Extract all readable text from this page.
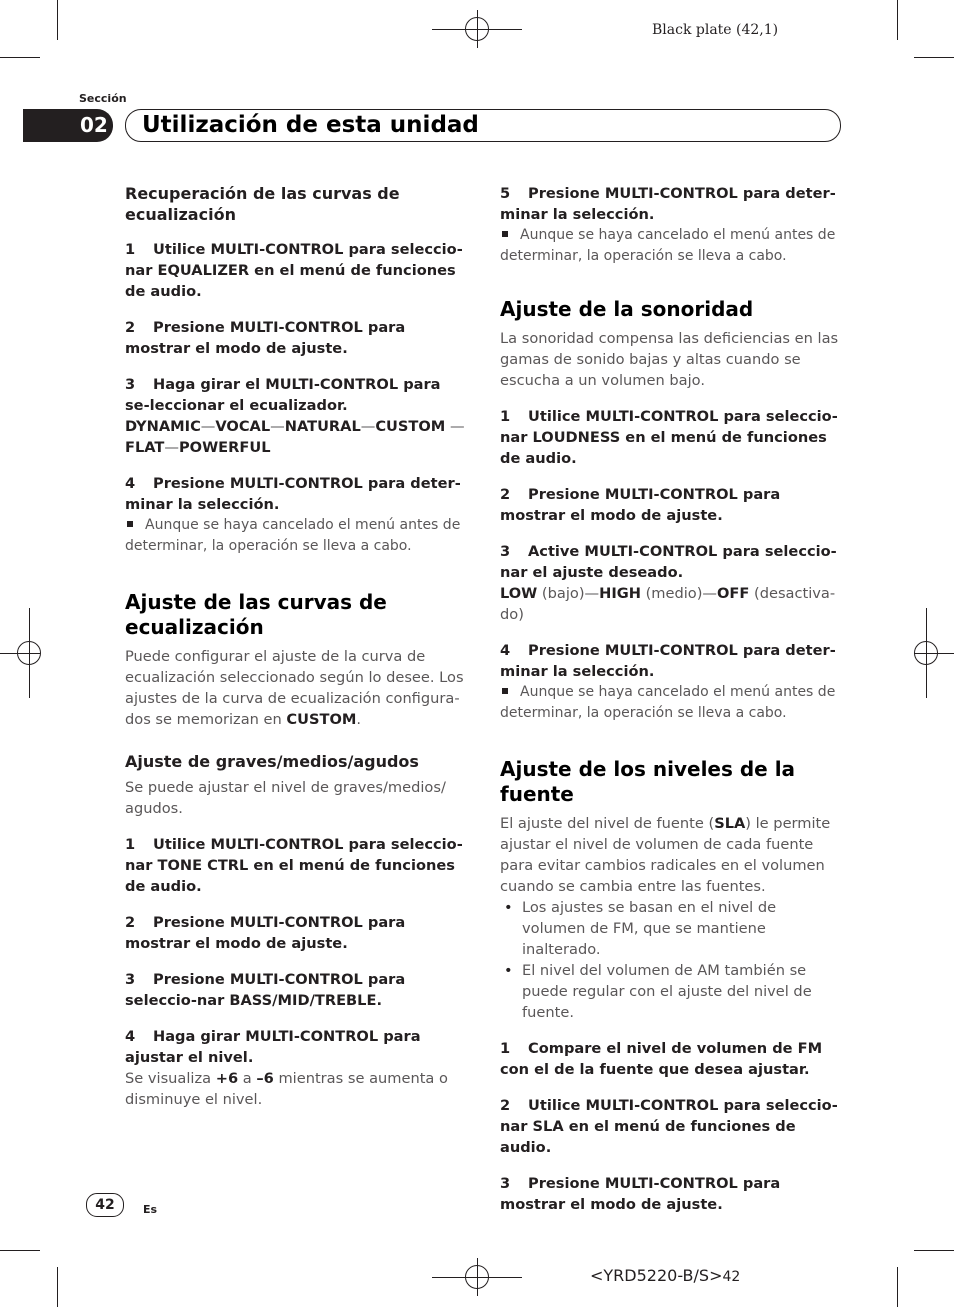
Black plate (42,1)
Sección
02	Utilización de esta unidad

Recuperación de las curvas de ecualización

1 Utilice MULTI-CONTROL para seleccio-nar EQUALIZER en el menú de funciones de audio.

2 Presione MULTI-CONTROL para mostrar el modo de ajuste.

3 Haga girar el MULTI-CONTROL para se-leccionar el ecualizador.

DYNAMIC—VOCAL—NATURAL—CUSTOM —FLAT—POWERFUL

4 Presione MULTI-CONTROL para deter-minar la selección.

Aunque se haya cancelado el menú antes de determinar, la operación se lleva a cabo.

Ajuste de las curvas de ecualización

Puede configurar el ajuste de la curva de ecualización seleccionado según lo desee. Los ajustes de la curva de ecualización configura-dos se memorizan en CUSTOM.

Ajuste de graves/medios/agudos

Se puede ajustar el nivel de graves/medios/ agudos.

1 Utilice MULTI-CONTROL para seleccio-nar TONE CTRL en el menú de funciones de audio.

2 Presione MULTI-CONTROL para mostrar el modo de ajuste.

3 Presione MULTI-CONTROL para seleccio-nar BASS/MID/TREBLE.

4 Haga girar MULTI-CONTROL para ajustar el nivel.

Se visualiza +6 a –6 mientras se aumenta o disminuye el nivel.

5 Presione MULTI-CONTROL para deter-minar la selección.

Aunque se haya cancelado el menú antes de determinar, la operación se lleva a cabo.

Ajuste de la sonoridad

La sonoridad compensa las deficiencias en las gamas de sonido bajas y altas cuando se escucha a un volumen bajo.

1 Utilice MULTI-CONTROL para seleccio-nar LOUDNESS en el menú de funciones de audio.

2 Presione MULTI-CONTROL para mostrar el modo de ajuste.

3 Active MULTI-CONTROL para seleccio-nar el ajuste deseado.

LOW (bajo)—HIGH (medio)—OFF (desactiva-do)

4 Presione MULTI-CONTROL para deter-minar la selección.

Aunque se haya cancelado el menú antes de determinar, la operación se lleva a cabo.

Ajuste de los niveles de la fuente

El ajuste del nivel de fuente (SLA) le permite ajustar el nivel de volumen de cada fuente para evitar cambios radicales en el volumen cuando se cambia entre las fuentes.

• Los ajustes se basan en el nivel de volumen de FM, que se mantiene inalterado.
• El nivel del volumen de AM también se puede regular con el ajuste del nivel de fuente.

1 Compare el nivel de volumen de FM con el de la fuente que desea ajustar.

2 Utilice MULTI-CONTROL para seleccio-nar SLA en el menú de funciones de audio.

3 Presione MULTI-CONTROL para mostrar el modo de ajuste.

42	Es
<YRD5220-B/S>42
